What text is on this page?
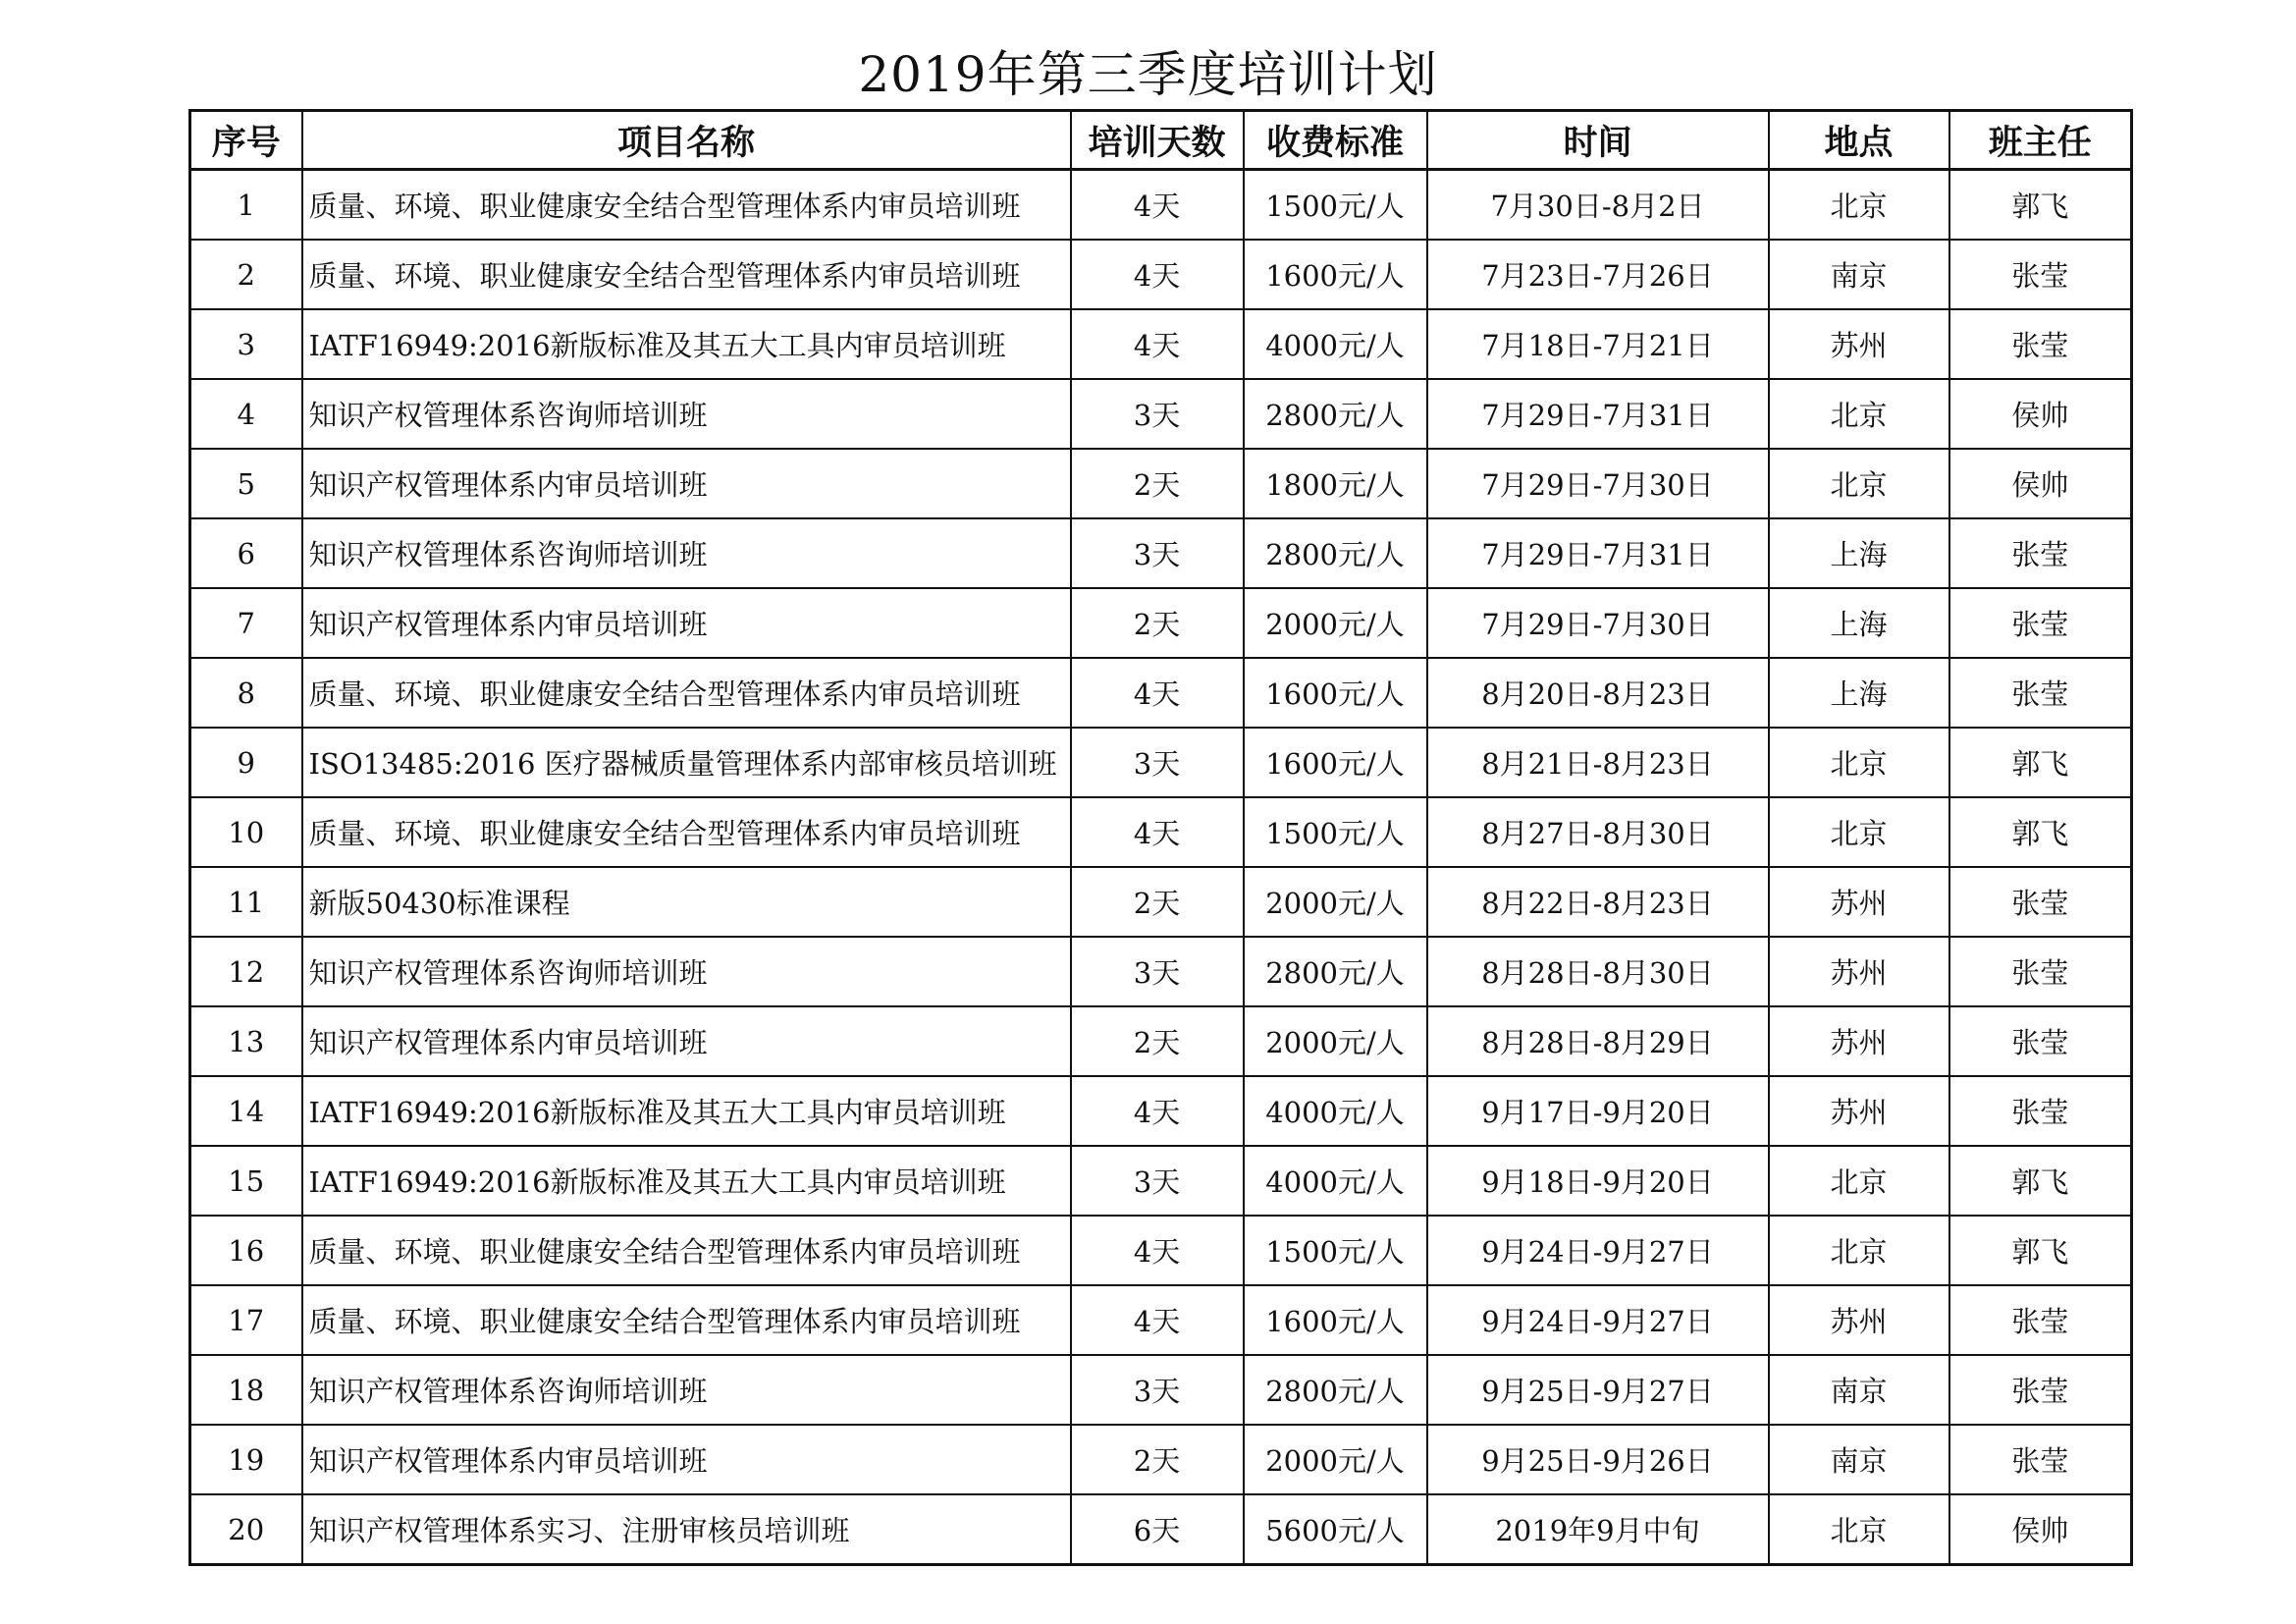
2019年第三季度培训计划
序号	项目名称	培训天数	收费标准	时间	地点	班主任
1	质量、环境、职业健康安全结合型管理体系内审员培训班	4天	1500元/人	7月30日-8月2日	北京	郭飞
2	质量、环境、职业健康安全结合型管理体系内审员培训班	4天	1600元/人	7月23日-7月26日	南京	张莹
3	IATF16949:2016新版标准及其五大工具内审员培训班	4天	4000元/人	7月18日-7月21日	苏州	张莹
4	知识产权管理体系咨询师培训班	3天	2800元/人	7月29日-7月31日	北京	侯帅
5	知识产权管理体系内审员培训班	2天	1800元/人	7月29日-7月30日	北京	侯帅
6	知识产权管理体系咨询师培训班	3天	2800元/人	7月29日-7月31日	上海	张莹
7	知识产权管理体系内审员培训班	2天	2000元/人	7月29日-7月30日	上海	张莹
8	质量、环境、职业健康安全结合型管理体系内审员培训班	4天	1600元/人	8月20日-8月23日	上海	张莹
9	ISO13485:2016 医疗器械质量管理体系内部审核员培训班	3天	1600元/人	8月21日-8月23日	北京	郭飞
10	质量、环境、职业健康安全结合型管理体系内审员培训班	4天	1500元/人	8月27日-8月30日	北京	郭飞
11	新版50430标准课程	2天	2000元/人	8月22日-8月23日	苏州	张莹
12	知识产权管理体系咨询师培训班	3天	2800元/人	8月28日-8月30日	苏州	张莹
13	知识产权管理体系内审员培训班	2天	2000元/人	8月28日-8月29日	苏州	张莹
14	IATF16949:2016新版标准及其五大工具内审员培训班	4天	4000元/人	9月17日-9月20日	苏州	张莹
15	IATF16949:2016新版标准及其五大工具内审员培训班	3天	4000元/人	9月18日-9月20日	北京	郭飞
16	质量、环境、职业健康安全结合型管理体系内审员培训班	4天	1500元/人	9月24日-9月27日	北京	郭飞
17	质量、环境、职业健康安全结合型管理体系内审员培训班	4天	1600元/人	9月24日-9月27日	苏州	张莹
18	知识产权管理体系咨询师培训班	3天	2800元/人	9月25日-9月27日	南京	张莹
19	知识产权管理体系内审员培训班	2天	2000元/人	9月25日-9月26日	南京	张莹
20	知识产权管理体系实习、注册审核员培训班	6天	5600元/人	2019年9月中旬	北京	侯帅
